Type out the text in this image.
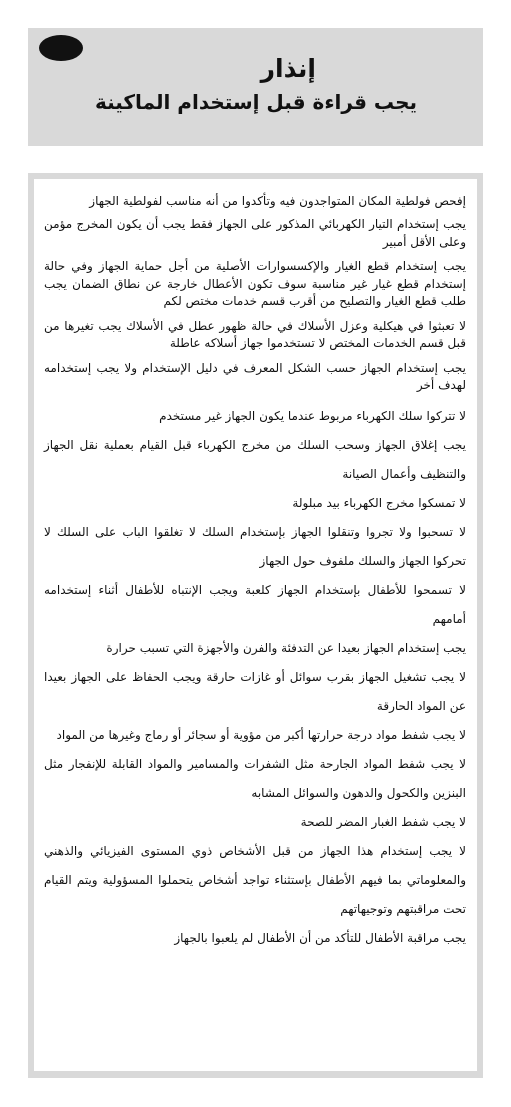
إنذار
يجب قراءة قبل إستخدام الماكينة

إفحص فولطية المكان المتواجدون فيه وتأكدوا من أنه مناسب لفولطية الجهاز

يجب إستخدام التيار الكهربائي المذكور على الجهاز فقط يجب أن يكون المخرج مؤمن وعلى الأقل أمبير

يجب إستخدام قطع الغيار والإكسسوارات الأصلية من أجل حماية الجهاز وفي حالة إستخدام قطع غيار غير مناسبة سوف تكون الأعطال خارجة عن نطاق الضمان يجب طلب قطع الغيار والتصليح من أقرب قسم خدمات مختص لكم

لا تعبثوا في هيكلية وعزل الأسلاك في حالة ظهور عطل في الأسلاك يجب تغيرها من قبل قسم الخدمات المختص لا تستخدموا جهاز أسلاكه عاطلة

يجب إستخدام الجهاز حسب الشكل المعرف في دليل الإستخدام ولا يجب إستخدامه لهدف أخر

لا تتركوا سلك الكهرباء مربوط عندما يكون الجهاز غير مستخدم

يجب إغلاق الجهاز وسحب السلك من مخرج الكهرباء قبل القيام بعملية نقل الجهاز والتنظيف وأعمال الصيانة

لا تمسكوا مخرج الكهرباء بيد مبلولة

لا تسحبوا ولا تجروا وتنقلوا الجهاز بإستخدام السلك لا تغلقوا الباب على السلك لا تحركوا الجهاز والسلك ملفوف حول الجهاز

لا تسمحوا للأطفال بإستخدام الجهاز كلعبة ويجب الإنتباه للأطفال أثناء إستخدامه أمامهم

يجب إستخدام الجهاز بعيدا عن التدفئة والفرن والأجهزة التي تسبب حرارة

لا يجب تشغيل الجهاز بقرب سوائل أو غازات حارقة ويجب الحفاظ على الجهاز بعيدا عن المواد الحارقة

لا يجب شفط مواد درجة حرارتها أكبر من مؤوية أو سجائر أو رماج وغيرها من المواد

لا يجب شفط المواد الجارحة مثل الشفرات والمسامير والمواد القابلة للإنفجار مثل البنزين والكحول والدهون والسوائل المشابه

لا يجب شفط الغبار المضر للصحة

لا يجب إستخدام هذا الجهاز من قبل الأشخاص ذوي المستوى الفيزيائي والذهني والمعلوماتي بما فيهم الأطفال بإستثناء تواجد أشخاص يتحملوا المسؤولية ويتم القيام تحت مراقبتهم وتوجيهاتهم

يجب مراقبة الأطفال للتأكد من أن الأطفال لم يلعبوا بالجهاز
